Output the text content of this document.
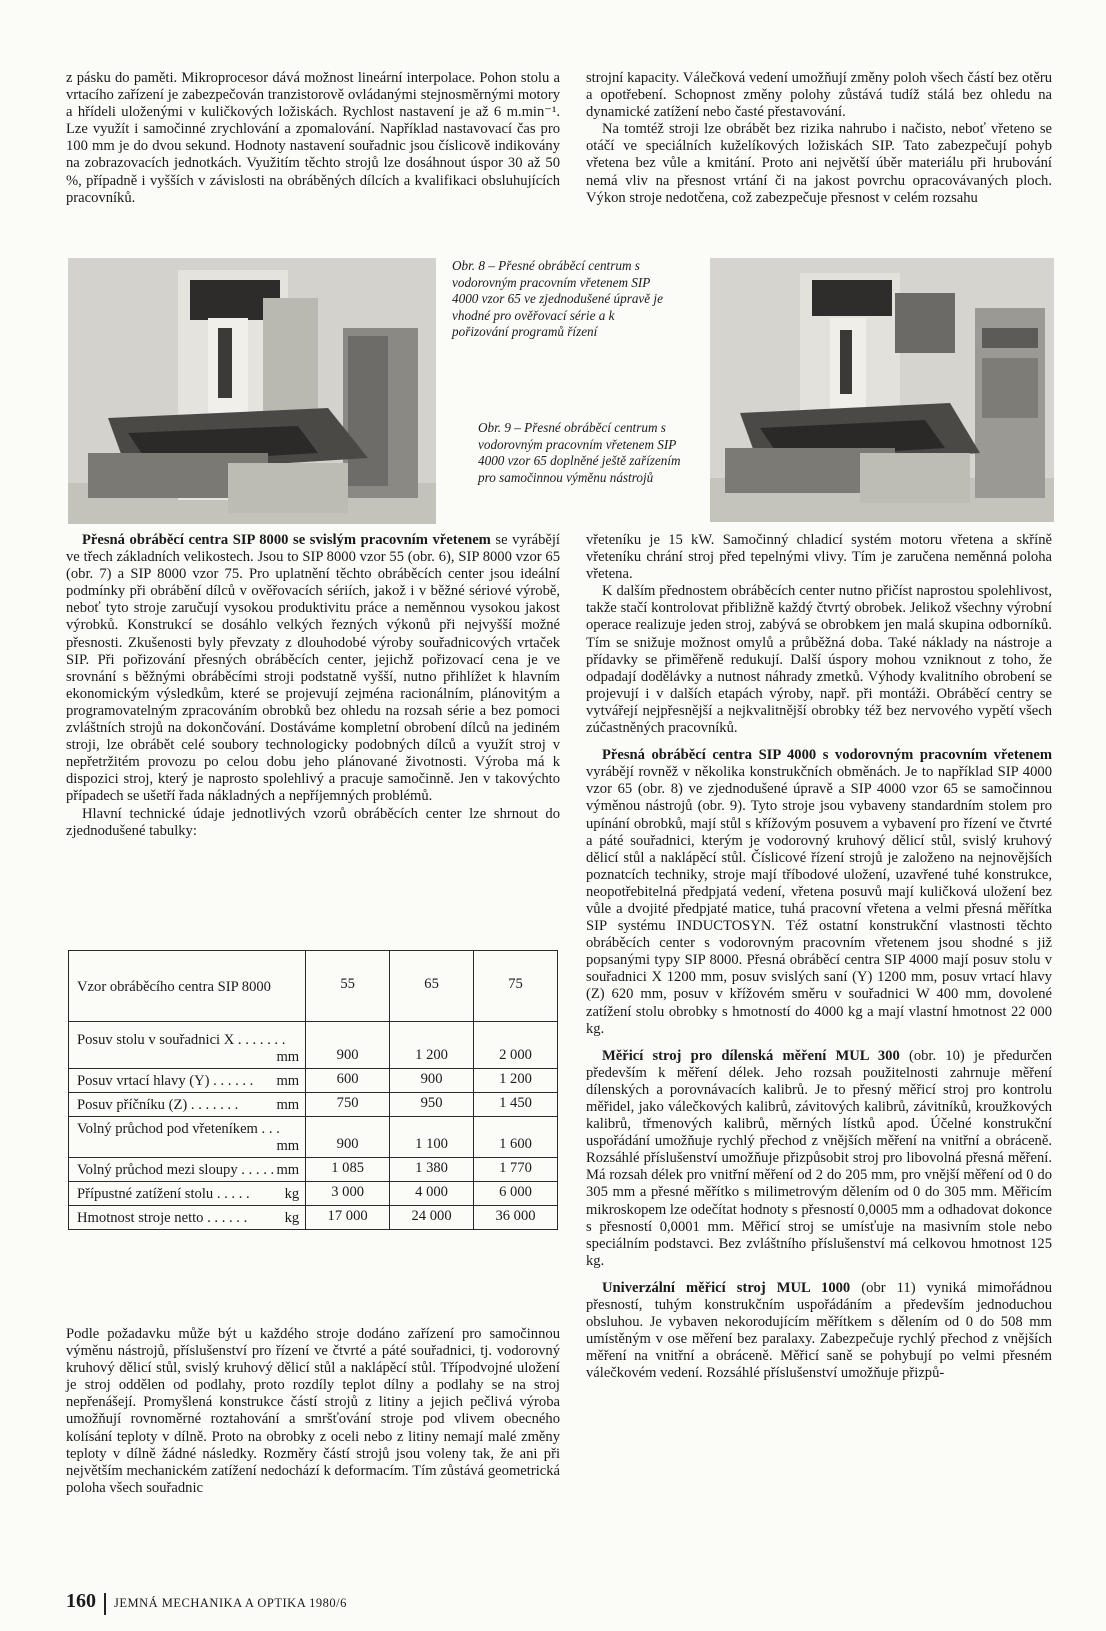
z pásku do paměti. Mikroprocesor dává možnost lineární interpolace. Pohon stolu a vrtacího zařízení je zabezpečován tranzistorově ovládanými stejnosměrnými motory a hřídeli uloženými v kuličkových ložiskách. Rychlost nastavení je až 6 m.min⁻¹. Lze využít i samočinné zrychlování a zpomalování. Například nastavovací čas pro 100 mm je do dvou sekund. Hodnoty nastavení souřadnic jsou číslicově indikovány na zobrazovacích jednotkách. Využitím těchto strojů lze dosáhnout úspor 30 až 50 %, případně i vyšších v závislosti na obráběných dílcích a kvalifikaci obsluhujících pracovníků.

strojní kapacity. Válečková vedení umožňují změny poloh všech částí bez otěru a opotřebení. Schopnost změny polohy zůstává tudíž stálá bez ohledu na dynamické zatížení nebo časté přestavování.

Na tomtéž stroji lze obrábět bez rizika nahrubo i načisto, neboť vřeteno se otáčí ve speciálních kuželíkových ložiskách SIP. Tato zabezpečují pohyb vřetena bez vůle a kmitání. Proto ani největší úběr materiálu při hrubování nemá vliv na přesnost vrtání či na jakost povrchu opracovávaných ploch. Výkon stroje nedotčena, což zabezpečuje přesnost v celém rozsahu

Obr. 8 – Přesné obráběcí centrum s vodorovným pracovním vřetenem SIP 4000 vzor 65 ve zjednodušené úpravě je vhodné pro ověřovací série a k pořizování programů řízení
Obr. 9 – Přesné obráběcí centrum s vodorovným pracovním vřetenem SIP 4000 vzor 65 doplněné ještě zařízením pro samočinnou výměnu nástrojů

Přesná obráběcí centra SIP 8000 se svislým pracovním vřetenem se vyrábějí ve třech základních velikostech. Jsou to SIP 8000 vzor 55 (obr. 6), SIP 8000 vzor 65 (obr. 7) a SIP 8000 vzor 75. Pro uplatnění těchto obráběcích center jsou ideální podmínky při obrábění dílců v ověřovacích sériích, jakož i v běžné sériové výrobě, neboť tyto stroje zaručují vysokou produktivitu práce a neměnnou vysokou jakost výrobků. Konstrukcí se dosáhlo velkých řezných výkonů při nejvyšší možné přesnosti. Zkušenosti byly převzaty z dlouhodobé výroby souřadnicových vrtaček SIP. Při pořizování přesných obráběcích center, jejichž pořizovací cena je ve srovnání s běžnými obráběcími stroji podstatně vyšší, nutno přihlížet k hlavním ekonomickým výsledkům, které se projevují zejména racionálním, plánovitým a programovatelným zpracováním obrobků bez ohledu na rozsah série a bez pomoci zvláštních strojů na dokončování. Dostáváme kompletní obrobení dílců na jediném stroji, lze obrábět celé soubory technologicky podobných dílců a využít stroj v nepřetržitém provozu po celou dobu jeho plánované životnosti. Výroba má k dispozici stroj, který je naprosto spolehlivý a pracuje samočinně. Jen v takovýchto případech se ušetří řada nákladných a nepříjemných problémů.

Hlavní technické údaje jednotlivých vzorů obráběcích center lze shrnout do zjednodušené tabulky:

Vzor obráběcího centra SIP 8000	55	65	75
Posuv stolu v souřadnici X . . . . . . .
mm	900	1 200	2 000
Posuv vrtací hlavy (Y) . . . . . . mm	600	900	1 200
Posuv příčníku (Z) . . . . . . . mm	750	950	1 450
Volný průchod pod vřeteníkem . . .
mm	900	1 100	1 600
Volný průchod mezi sloupy . . . . . mm	1 085	1 380	1 770
Přípustné zatížení stolu . . . . . kg	3 000	4 000	6 000
Hmotnost stroje netto . . . . . . kg	17 000	24 000	36 000

Podle požadavku může být u každého stroje dodáno zařízení pro samočinnou výměnu nástrojů, příslušenství pro řízení ve čtvrté a páté souřadnici, tj. vodorovný kruhový dělicí stůl, svislý kruhový dělicí stůl a naklápěcí stůl. Třípodvojné uložení je stroj oddělen od podlahy, proto rozdíly teplot dílny a podlahy se na stroj nepřenášejí. Promyšlená konstrukce částí strojů z litiny a jejich pečlivá výroba umožňují rovnoměrné roztahování a smršťování stroje pod vlivem obecného kolísání teploty v dílně. Proto na obrobky z oceli nebo z litiny nemají malé změny teploty v dílně žádné následky. Rozměry částí strojů jsou voleny tak, že ani při největším mechanickém zatížení nedochází k deformacím. Tím zůstává geometrická poloha všech souřadnic

vřeteníku je 15 kW. Samočinný chladicí systém motoru vřetena a skříně vřeteníku chrání stroj před tepelnými vlivy. Tím je zaručena neměnná poloha vřetena.

K dalším přednostem obráběcích center nutno přičíst naprostou spolehlivost, takže stačí kontrolovat přibližně každý čtvrtý obrobek. Jelikož všechny výrobní operace realizuje jeden stroj, zabývá se obrobkem jen malá skupina odborníků. Tím se snižuje možnost omylů a průběžná doba. Také náklady na nástroje a přídavky se přiměřeně redukují. Další úspory mohou vzniknout z toho, že odpadají dodělávky a nutnost náhrady zmetků. Výhody kvalitního obrobení se projevují i v dalších etapách výroby, např. při montáži. Obráběcí centry se vytvářejí nejpřesnější a nejkvalitnější obrobky též bez nervového vypětí všech zúčastněných pracovníků.

Přesná obráběcí centra SIP 4000 s vodorovným pracovním vřetenem vyrábějí rovněž v několika konstrukčních obměnách. Je to například SIP 4000 vzor 65 (obr. 8) ve zjednodušené úpravě a SIP 4000 vzor 65 se samočinnou výměnou nástrojů (obr. 9). Tyto stroje jsou vybaveny standardním stolem pro upínání obrobků, mají stůl s křížovým posuvem a vybavení pro řízení ve čtvrté a páté souřadnici, kterým je vodorovný kruhový dělicí stůl, svislý kruhový dělicí stůl a naklápěcí stůl. Číslicové řízení strojů je založeno na nejnovějších poznatcích techniky, stroje mají tříbodové uložení, uzavřené tuhé konstrukce, neopotřebitelná předpjatá vedení, vřetena posuvů mají kuličková uložení bez vůle a dvojité předpjaté matice, tuhá pracovní vřetena a velmi přesná měřítka SIP systému INDUCTOSYN. Též ostatní konstrukční vlastnosti těchto obráběcích center s vodorovným pracovním vřetenem jsou shodné s již popsanými typy SIP 8000. Přesná obráběcí centra SIP 4000 mají posuv stolu v souřadnici X 1200 mm, posuv svislých saní (Y) 1200 mm, posuv vrtací hlavy (Z) 620 mm, posuv v křížovém směru v souřadnici W 400 mm, dovolené zatížení stolu obrobky s hmotností do 4000 kg a mají vlastní hmotnost 22 000 kg.

Měřicí stroj pro dílenská měření MUL 300 (obr. 10) je předurčen především k měření délek. Jeho rozsah použitelnosti zahrnuje měření dílenských a porovnávacích kalibrů. Je to přesný měřicí stroj pro kontrolu měřidel, jako válečkových kalibrů, závitových kalibrů, závitníků, kroužkových kalibrů, třmenových kalibrů, měrných lístků apod. Účelné konstrukční uspořádání umožňuje rychlý přechod z vnějších měření na vnitřní a obráceně. Rozsáhlé příslušenství umožňuje přizpůsobit stroj pro libovolná přesná měření. Má rozsah délek pro vnitřní měření od 2 do 205 mm, pro vnější měření od 0 do 305 mm a přesné měřítko s milimetrovým dělením od 0 do 305 mm. Měřicím mikroskopem lze odečítat hodnoty s přesností 0,0005 mm a odhadovat dokonce s přesností 0,0001 mm. Měřicí stroj se umísťuje na masivním stole nebo speciálním podstavci. Bez zvláštního příslušenství má celkovou hmotnost 125 kg.

Univerzální měřicí stroj MUL 1000 (obr 11) vyniká mimořádnou přesností, tuhým konstrukčním uspořádáním a především jednoduchou obsluhou. Je vybaven nekorodujícím měřítkem s dělením od 0 do 508 mm umístěným v ose měření bez paralaxy. Zabezpečuje rychlý přechod z vnějších měření na vnitřní a obráceně. Měřicí saně se pohybují po velmi přesném válečkovém vedení. Rozsáhlé příslušenství umožňuje přizpů-

160 JEMNÁ MECHANIKA A OPTIKA 1980/6
